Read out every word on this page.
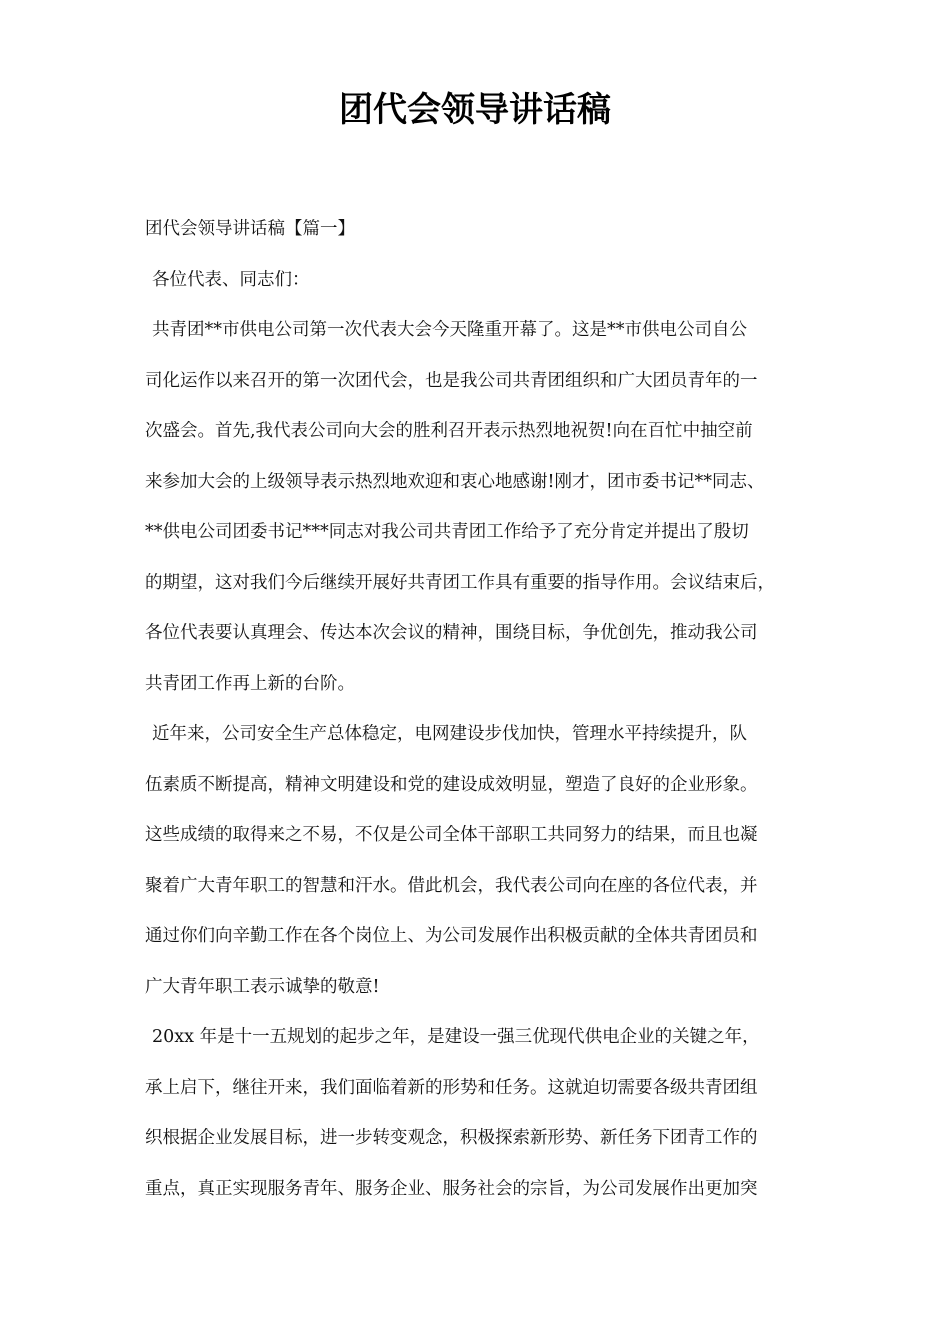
团代会领导讲话稿
团代会领导讲话稿【篇一】
各位代表、同志们：
共青团**市供电公司第一次代表大会今天隆重开幕了。这是**市供电公司自公
司化运作以来召开的第一次团代会，也是我公司共青团组织和广大团员青年的一
次盛会。首先,我代表公司向大会的胜利召开表示热烈地祝贺!向在百忙中抽空前
来参加大会的上级领导表示热烈地欢迎和衷心地感谢!刚才，团市委书记**同志、
**供电公司团委书记***同志对我公司共青团工作给予了充分肯定并提出了殷切
的期望，这对我们今后继续开展好共青团工作具有重要的指导作用。会议结束后，
各位代表要认真理会、传达本次会议的精神，围绕目标，争优创先，推动我公司
共青团工作再上新的台阶。
近年来，公司安全生产总体稳定，电网建设步伐加快，管理水平持续提升，队
伍素质不断提高，精神文明建设和党的建设成效明显，塑造了良好的企业形象。
这些成绩的取得来之不易，不仅是公司全体干部职工共同努力的结果，而且也凝
聚着广大青年职工的智慧和汗水。借此机会，我代表公司向在座的各位代表，并
通过你们向辛勤工作在各个岗位上、为公司发展作出积极贡献的全体共青团员和
广大青年职工表示诚挚的敬意!
20xx 年是十一五规划的起步之年，是建设一强三优现代供电企业的关键之年，
承上启下，继往开来，我们面临着新的形势和任务。这就迫切需要各级共青团组
织根据企业发展目标，进一步转变观念，积极探索新形势、新任务下团青工作的
重点，真正实现服务青年、服务企业、服务社会的宗旨，为公司发展作出更加突
